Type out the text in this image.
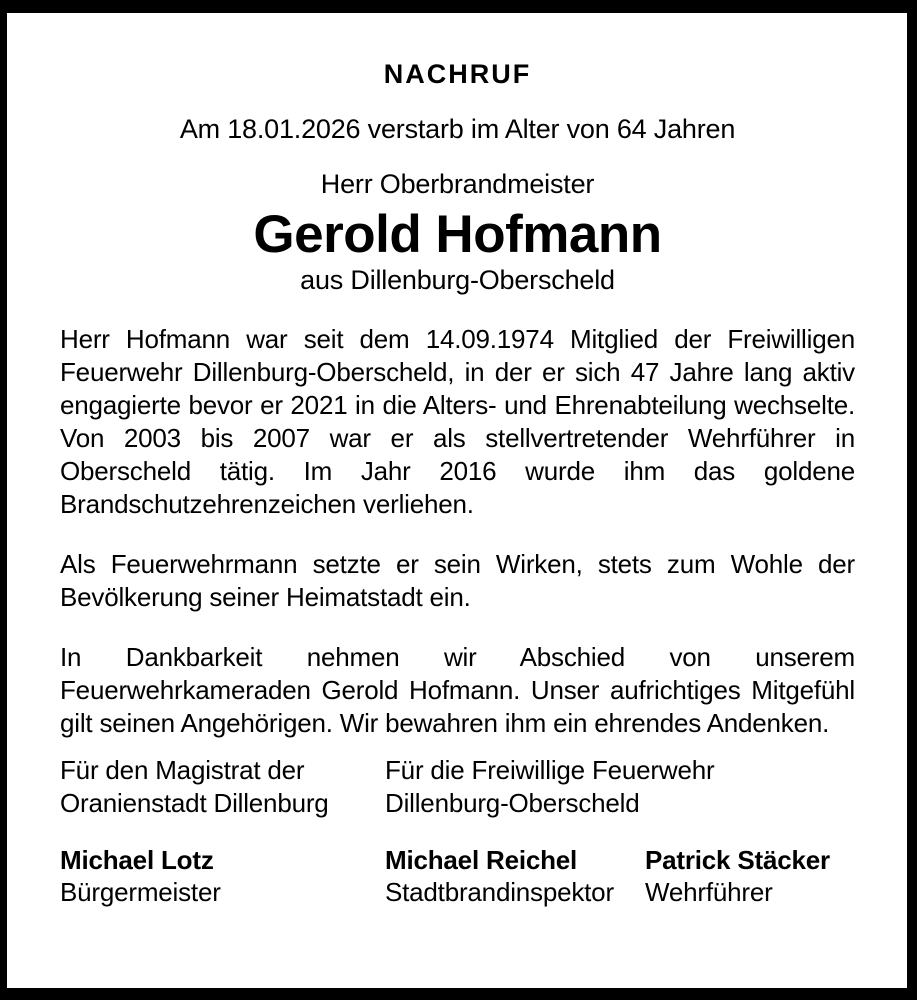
NACHRUF
Am 18.01.2026 verstarb im Alter von 64 Jahren
Herr Oberbrandmeister
Gerold Hofmann
aus Dillenburg-Oberscheld

Herr Hofmann war seit dem 14.09.1974 Mitglied der Freiwilligen Feuerwehr Dillenburg-Oberscheld, in der er sich 47 Jahre lang aktiv engagierte bevor er 2021 in die Alters- und Ehrenabteilung wechselte. Von 2003 bis 2007 war er als stellvertretender Wehrführer in Oberscheld tätig. Im Jahr 2016 wurde ihm das goldene Brandschutzehrenzeichen verliehen.

Als Feuerwehrmann setzte er sein Wirken, stets zum Wohle der Bevölkerung seiner Heimatstadt ein.

In Dankbarkeit nehmen wir Abschied von unserem Feuerwehrkameraden Gerold Hofmann. Unser aufrichtiges Mitgefühl gilt seinen Angehörigen. Wir bewahren ihm ein ehrendes Andenken.

Für den Magistrat der
Oranienstadt Dillenburg
Für die Freiwillige Feuerwehr
Dillenburg-Oberscheld
Michael Lotz
Bürgermeister
Michael Reichel
Stadtbrandinspektor
Patrick Stäcker
Wehrführer
